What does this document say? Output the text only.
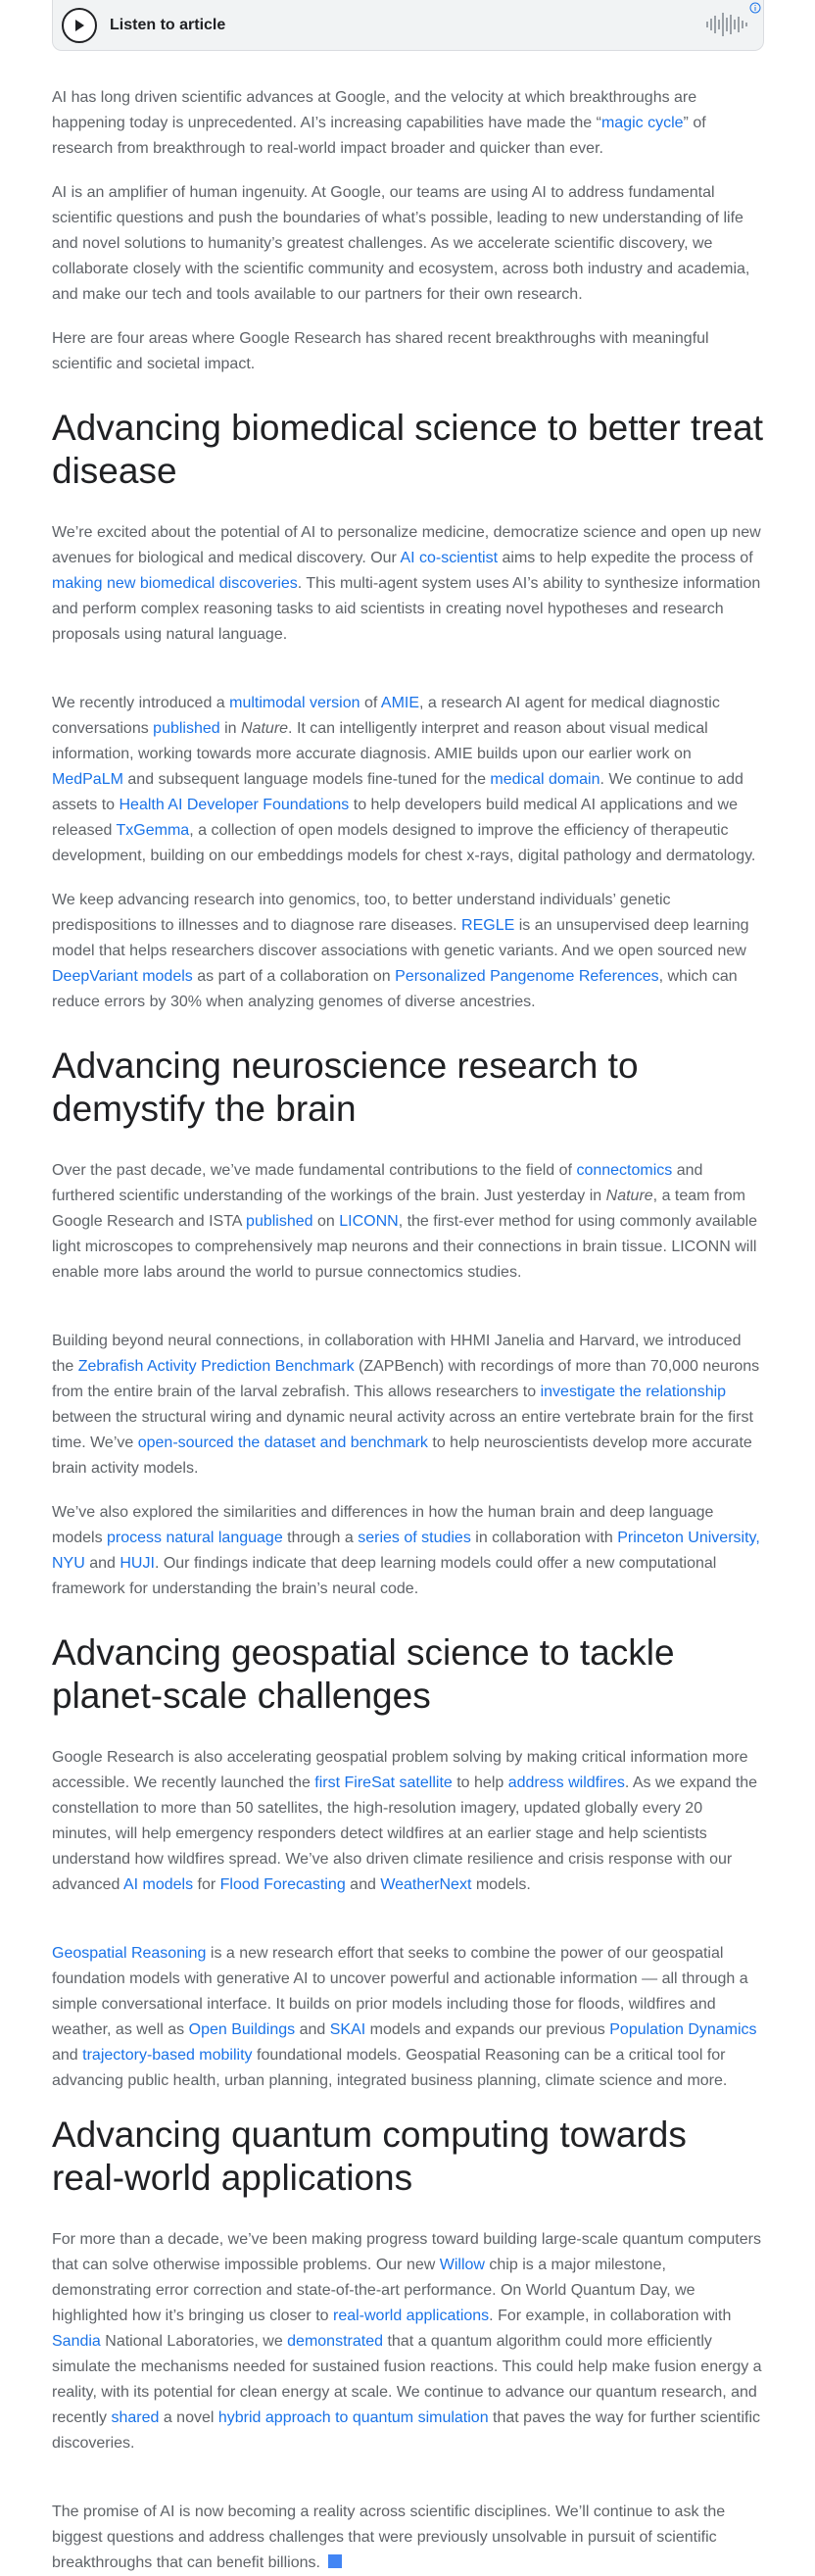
Listen to article

AI has long driven scientific advances at Google, and the velocity at which breakthroughs are happening today is unprecedented. AI’s increasing capabilities have made the “magic cycle” of research from breakthrough to real-world impact broader and quicker than ever.

AI is an amplifier of human ingenuity. At Google, our teams are using AI to address fundamental scientific questions and push the boundaries of what’s possible, leading to new understanding of life and novel solutions to humanity’s greatest challenges. As we accelerate scientific discovery, we collaborate closely with the scientific community and ecosystem, across both industry and academia, and make our tech and tools available to our partners for their own research.

Here are four areas where Google Research has shared recent breakthroughs with meaningful scientific and societal impact.

Advancing biomedical science to better treat disease

We’re excited about the potential of AI to personalize medicine, democratize science and open up new avenues for biological and medical discovery. Our AI co-scientist aims to help expedite the process of making new biomedical discoveries. This multi-agent system uses AI’s ability to synthesize information and perform complex reasoning tasks to aid scientists in creating novel hypotheses and research proposals using natural language.

We recently introduced a multimodal version of AMIE, a research AI agent for medical diagnostic conversations published in Nature. It can intelligently interpret and reason about visual medical information, working towards more accurate diagnosis. AMIE builds upon our earlier work on MedPaLM and subsequent language models fine-tuned for the medical domain. We continue to add assets to Health AI Developer Foundations to help developers build medical AI applications and we released TxGemma, a collection of open models designed to improve the efficiency of therapeutic development, building on our embeddings models for chest x-rays, digital pathology and dermatology.

We keep advancing research into genomics, too, to better understand individuals’ genetic predispositions to illnesses and to diagnose rare diseases. REGLE is an unsupervised deep learning model that helps researchers discover associations with genetic variants. And we open sourced new DeepVariant models as part of a collaboration on Personalized Pangenome References, which can reduce errors by 30% when analyzing genomes of diverse ancestries.

Advancing neuroscience research to demystify the brain

Over the past decade, we’ve made fundamental contributions to the field of connectomics and furthered scientific understanding of the workings of the brain. Just yesterday in Nature, a team from Google Research and ISTA published on LICONN, the first-ever method for using commonly available light microscopes to comprehensively map neurons and their connections in brain tissue. LICONN will enable more labs around the world to pursue connectomics studies.

Building beyond neural connections, in collaboration with HHMI Janelia and Harvard, we introduced the Zebrafish Activity Prediction Benchmark (ZAPBench) with recordings of more than 70,000 neurons from the entire brain of the larval zebrafish. This allows researchers to investigate the relationship between the structural wiring and dynamic neural activity across an entire vertebrate brain for the first time. We’ve open-sourced the dataset and benchmark to help neuroscientists develop more accurate brain activity models.

We’ve also explored the similarities and differences in how the human brain and deep language models process natural language through a series of studies in collaboration with Princeton University, NYU and HUJI. Our findings indicate that deep learning models could offer a new computational framework for understanding the brain’s neural code.

Advancing geospatial science to tackle planet-scale challenges

Google Research is also accelerating geospatial problem solving by making critical information more accessible. We recently launched the first FireSat satellite to help address wildfires. As we expand the constellation to more than 50 satellites, the high-resolution imagery, updated globally every 20 minutes, will help emergency responders detect wildfires at an earlier stage and help scientists understand how wildfires spread. We’ve also driven climate resilience and crisis response with our advanced AI models for Flood Forecasting and WeatherNext models.

Geospatial Reasoning is a new research effort that seeks to combine the power of our geospatial foundation models with generative AI to uncover powerful and actionable information — all through a simple conversational interface. It builds on prior models including those for floods, wildfires and weather, as well as Open Buildings and SKAI models and expands our previous Population Dynamics and trajectory-based mobility foundational models. Geospatial Reasoning can be a critical tool for advancing public health, urban planning, integrated business planning, climate science and more.

Advancing quantum computing towards real-world applications

For more than a decade, we’ve been making progress toward building large-scale quantum computers that can solve otherwise impossible problems. Our new Willow chip is a major milestone, demonstrating error correction and state-of-the-art performance. On World Quantum Day, we highlighted how it’s bringing us closer to real-world applications. For example, in collaboration with Sandia National Laboratories, we demonstrated that a quantum algorithm could more efficiently simulate the mechanisms needed for sustained fusion reactions. This could help make fusion energy a reality, with its potential for clean energy at scale. We continue to advance our quantum research, and recently shared a novel hybrid approach to quantum simulation that paves the way for further scientific discoveries.

The promise of AI is now becoming a reality across scientific disciplines. We’ll continue to ask the biggest questions and address challenges that were previously unsolvable in pursuit of scientific breakthroughs that can benefit billions.
